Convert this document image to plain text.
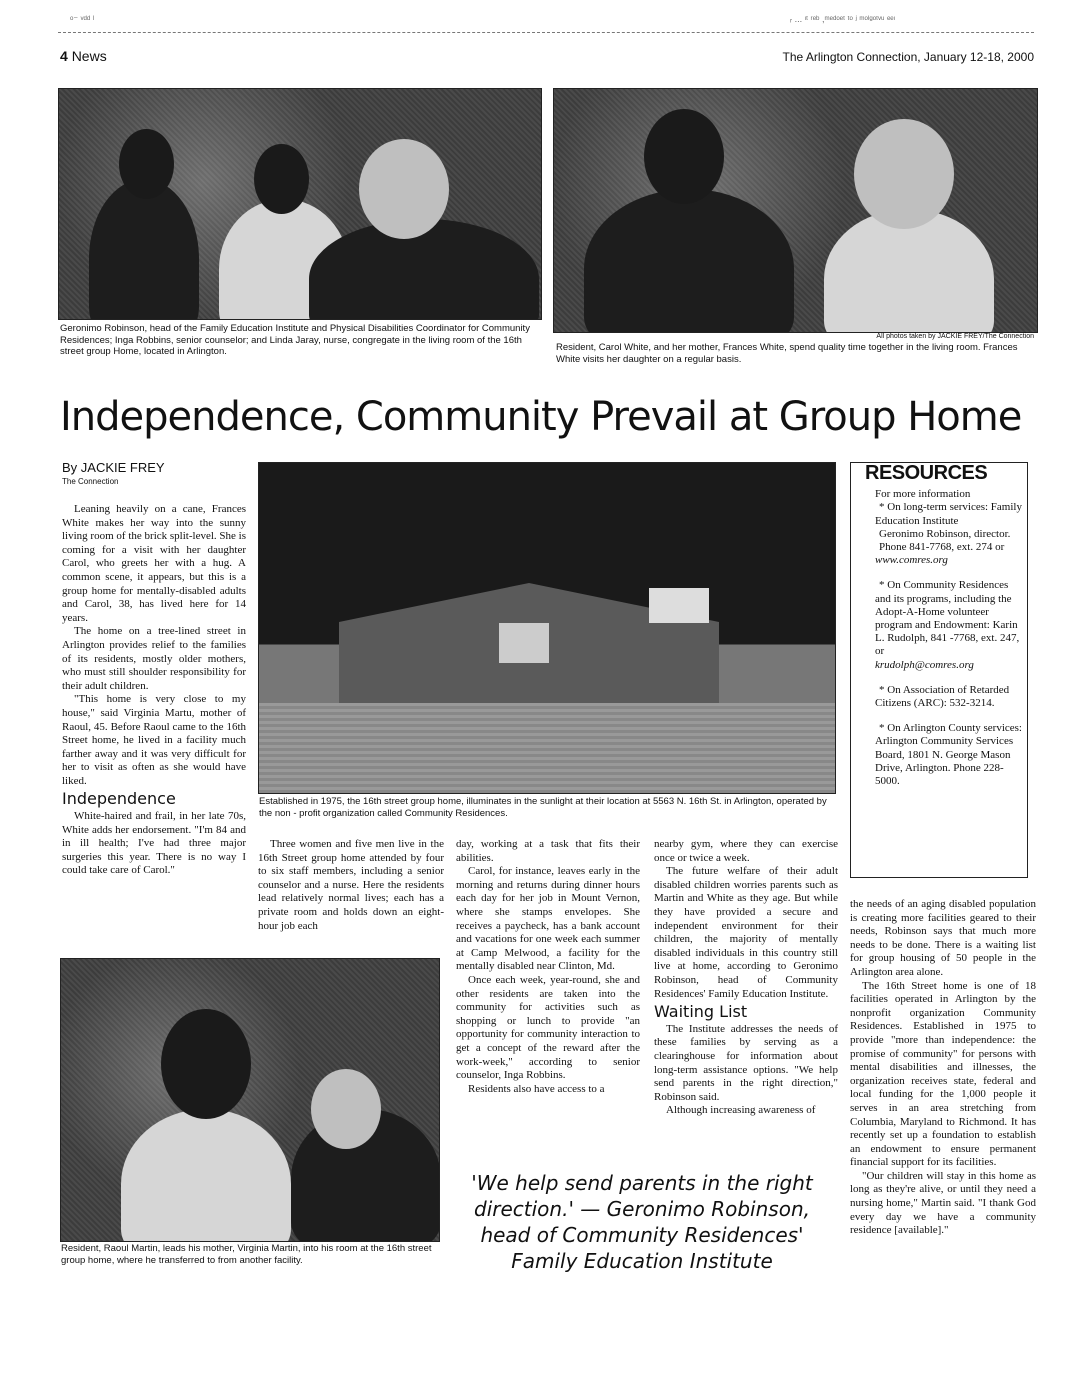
ᵒ⁻ ᵛᵈᵈ ˡ	ᵣ ... ᶦᵗ ʳᵉᵇ ,ᵐᵉᵈᵒᵉᵗ ᵗᵒ ʲ ᵐᵒˡᵍᵒᵗᵛᵘ ᵉᵉᶦ
4 News	The Arlington Connection, January 12-18, 2000
Geronimo Robinson, head of the Family Education Institute and Physical Disabilities Coordinator for Community Residences; Inga Robbins, senior counselor; and Linda Jaray, nurse, congregate in the living room of the 16th street group Home, located in Arlington.
All photos taken by JACKIE FREY/The Connection
Resident, Carol White, and her mother, Frances White, spend quality time together in the living room. Frances White visits her daughter on a regular basis.
Independence, Community Prevail at Group Home
By JACKIE FREY
The Connection

Leaning heavily on a cane, Frances White makes her way into the sunny living room of the brick split-level. She is coming for a visit with her daughter Carol, who greets her with a hug. A common scene, it appears, but this is a group home for mentally-disabled adults and Carol, 38, has lived here for 14 years.

The home on a tree-lined street in Arlington provides relief to the families of its residents, mostly older mothers, who must still shoulder responsibility for their adult children.

"This home is very close to my house," said Virginia Martu, mother of Raoul, 45. Before Raoul came to the 16th Street home, he lived in a facility much farther away and it was very difficult for her to visit as often as she would have liked.

Independence

White-haired and frail, in her late 70s, White adds her endorsement. "I'm 84 and in ill health; I've had three major surgeries this year. There is no way I could take care of Carol."

Established in 1975, the 16th street group home, illuminates in the sunlight at their location at 5563 N. 16th St. in Arlington, operated by the non - profit organization called Community Residences.
RESOURCES

For more information

* On long-term services: Family Education Institute

Geronimo Robinson, director.

Phone 841-7768, ext. 274 or www.comres.org

* On Community Residences and its programs, including the Adopt-A-Home volunteer program and Endowment: Karin L. Rudolph, 841 -7768, ext. 247, or

krudolph@comres.org

* On Association of Retarded Citizens (ARC): 532-3214.

* On Arlington County services: Arlington Community Services Board, 1801 N. George Mason Drive, Arlington. Phone 228-5000.

Three women and five men live in the 16th Street group home attended by four to six staff members, including a senior counselor and a nurse. Here the residents lead relatively normal lives; each has a private room and holds down an eight-hour job each

day, working at a task that fits their abilities.

Carol, for instance, leaves early in the morning and returns during dinner hours each day for her job in Mount Vernon, where she stamps envelopes. She receives a paycheck, has a bank account and vacations for one week each summer at Camp Melwood, a facility for the mentally disabled near Clinton, Md.

Once each week, year-round, she and other residents are taken into the community for activities such as shopping or lunch to provide "an opportunity for community interaction to get a concept of the reward after the work-week," according to senior counselor, Inga Robbins.

Residents also have access to a

nearby gym, where they can exercise once or twice a week.

The future welfare of their adult disabled children worries parents such as Martin and White as they age. But while they have provided a secure and independent environment for their children, the majority of mentally disabled individuals in this country still live at home, according to Geronimo Robinson, head of Community Residences' Family Education Institute.

Waiting List

The Institute addresses the needs of these families by serving as a clearinghouse for information about long-term assistance options. "We help send parents in the right direction," Robinson said.

Although increasing awareness of

the needs of an aging disabled population is creating more facilities geared to their needs, Robinson says that much more needs to be done. There is a waiting list for group housing of 50 people in the Arlington area alone.

The 16th Street home is one of 18 facilities operated in Arlington by the nonprofit organization Community Residences. Established in 1975 to provide "more than independence: the promise of community" for persons with mental disabilities and illnesses, the organization receives state, federal and local funding for the 1,000 people it serves in an area stretching from Columbia, Maryland to Richmond. It has recently set up a foundation to establish an endowment to ensure permanent financial support for its facilities.

"Our children will stay in this home as long as they're alive, or until they need a nursing home," Martin said. "I thank God every day we have a community residence [available]."

Resident, Raoul Martin, leads his mother, Virginia Martin, into his room at the 16th street group home, where he transferred to from another facility.
'We help send parents in the right direction.' — Geronimo Robinson, head of Community Residences' Family Education Institute
